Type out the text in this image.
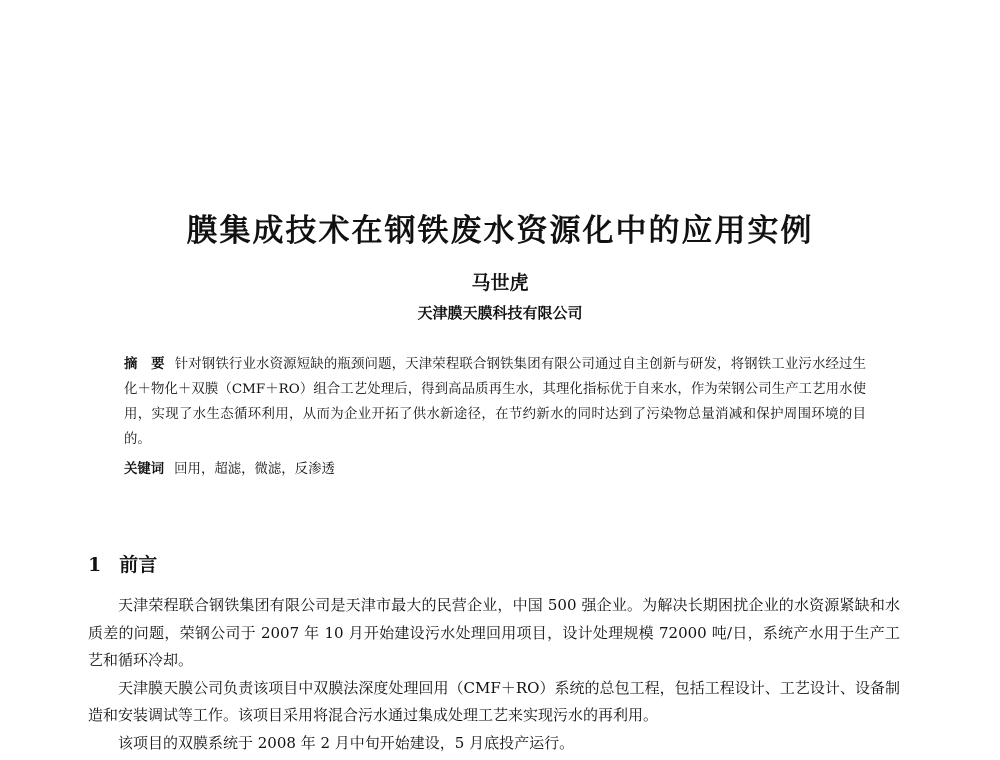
膜集成技术在钢铁废水资源化中的应用实例
马世虎
天津膜天膜科技有限公司
摘　要 针对钢铁行业水资源短缺的瓶颈问题，天津荣程联合钢铁集团有限公司通过自主创新与研发，将钢铁工业污水经过生化＋物化＋双膜（CMF＋RO）组合工艺处理后，得到高品质再生水，其理化指标优于自来水，作为荣钢公司生产工艺用水使用，实现了水生态循环利用，从而为企业开拓了供水新途径，在节约新水的同时达到了污染物总量消减和保护周围环境的目的。
关键词 回用，超滤，微滤，反渗透
1 前言

天津荣程联合钢铁集团有限公司是天津市最大的民营企业，中国 500 强企业。为解决长期困扰企业的水资源紧缺和水质差的问题，荣钢公司于 2007 年 10 月开始建设污水处理回用项目，设计处理规模 72000 吨/日，系统产水用于生产工艺和循环冷却。

天津膜天膜公司负责该项目中双膜法深度处理回用（CMF＋RO）系统的总包工程，包括工程设计、工艺设计、设备制造和安装调试等工作。该项目采用将混合污水通过集成处理工艺来实现污水的再利用。

该项目的双膜系统于 2008 年 2 月中旬开始建设，5 月底投产运行。
